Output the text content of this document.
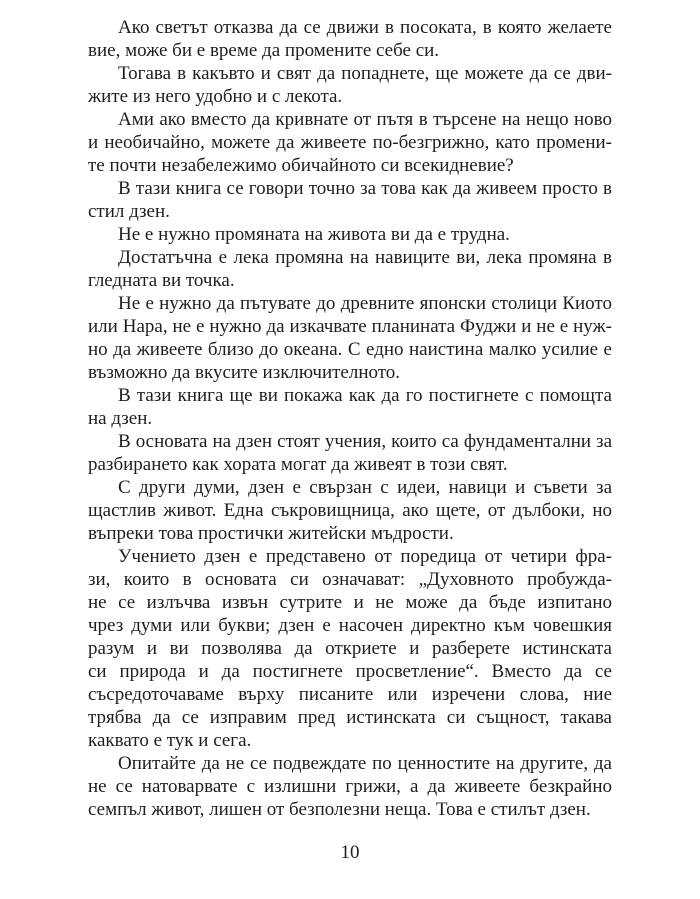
Ако светът отказва да се движи в посоката, в която желаете
вие, може би е време да промените себе си.
Тогава в какъвто и свят да попаднете, ще можете да се дви-
жите из него удобно и с лекота.
Ами ако вместо да кривнате от пътя в търсене на нещо ново
и необичайно, можете да живеете по-безгрижно, като промени-
те почти незабележимо обичайното си всекидневие?
В тази книга се говори точно за това как да живеем просто в
стил дзен.
Не е нужно промяната на живота ви да е трудна.
Достатъчна е лека промяна на навиците ви, лека промяна в
гледната ви точка.
Не е нужно да пътувате до древните японски столици Киото
или Нара, не е нужно да изкачвате планината Фуджи и не е нуж-
но да живеете близо до океана. С едно наистина малко усилие е
възможно да вкусите изключителното.
В тази книга ще ви покажа как да го постигнете с помощта
на дзен.
В основата на дзен стоят учения, които са фундаментални за
разбирането как хората могат да живеят в този свят.
С други думи, дзен е свързан с идеи, навици и съвети за
щастлив живот. Една съкровищница, ако щете, от дълбоки, но
въпреки това простички житейски мъдрости.
Учението дзен е представено от поредица от четири фра-
зи, които в основата си означават: „Духовното пробужда-
не се излъчва извън сутрите и не може да бъде изпитано
чрез думи или букви; дзен е насочен директно към човешкия
разум и ви позволява да откриете и разберете истинската
си природа и да постигнете просветление“. Вместо да се
съсредоточаваме върху писаните или изречени слова, ние
трябва да се изправим пред истинската си същност, такава
каквато е тук и сега.
Опитайте да не се подвеждате по ценностите на другите, да
не се натоварвате с излишни грижи, а да живеете безкрайно
семпъл живот, лишен от безполезни неща. Това е стилът дзен.
10
